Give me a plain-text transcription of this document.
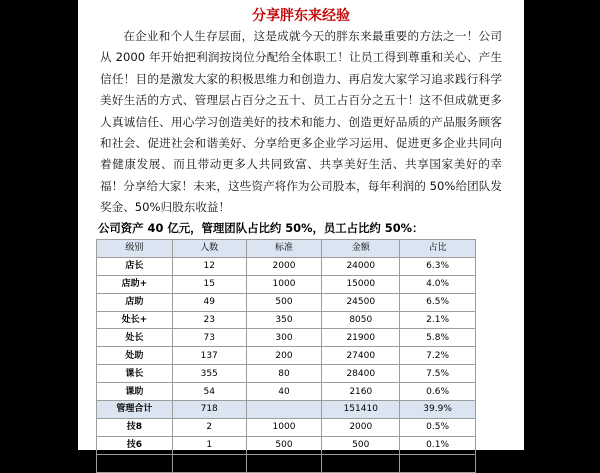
分享胖东来经验

在企业和个人生存层面，这是成就今天的胖东来最重要的方法之一！公司从 2000 年开始把利润按岗位分配给全体职工！让员工得到尊重和关心、产生信任！目的是激发大家的积极思维力和创造力、再启发大家学习追求践行科学美好生活的方式、管理层占百分之五十、员工占百分之五十！这不但成就更多人真诚信任、用心学习创造美好的技术和能力、创造更好品质的产品服务顾客和社会、促进社会和谐美好、分享给更多企业学习运用、促进更多企业共同向着健康发展、而且带动更多人共同致富、共享美好生活、共享国家美好的幸福！分享给大家！未来，这些资产将作为公司股本，每年利润的 50%给团队发奖金、50%归股东收益！

公司资产 40 亿元，管理团队占比约 50%，员工占比约 50%：
级别	人数	标准	金额	占比
店长	12	2000	24000	6.3%
店助+	15	1000	15000	4.0%
店助	49	500	24500	6.5%
处长+	23	350	8050	2.1%
处长	73	300	21900	5.8%
处助	137	200	27400	7.2%
课长	355	80	28400	7.5%
课助	54	40	2160	0.6%
管理合计	718		151410	39.9%
技8	2	1000	2000	0.5%
技6	1	500	500	0.1%
技4	4	300	1200	0.3%
